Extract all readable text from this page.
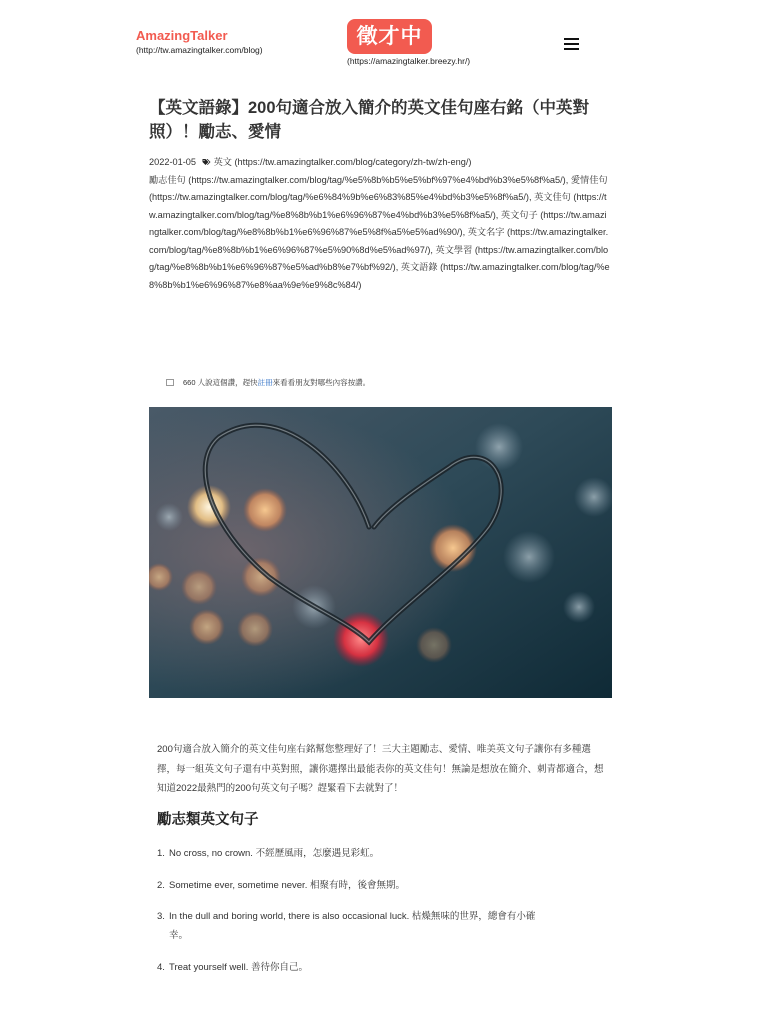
AmazingTalker
(http://tw.amazingtalker.com/blog)
徵才中
(https://amazingtalker.breezy.hr/)
【英文語錄】200句適合放入簡介的英文佳句座右銘（中英對照）！勵志、愛情
2022-01-05 英文 (https://tw.amazingtalker.com/blog/category/zh-tw/zh-eng/)
勵志佳句 (https://tw.amazingtalker.com/blog/tag/%e5%8b%b5%e5%bf%97%e4%bd%b3%e5%8f%a5/), 愛情佳句 (https://tw.amazingtalker.com/blog/tag/%e6%84%9b%e6%83%85%e4%bd%b3%e5%8f%a5/), 英文佳句 (https://tw.amazingtalker.com/blog/tag/%e8%8b%b1%e6%96%87%e4%bd%b3%e5%8f%a5/), 英文句子 (https://tw.amazingtalker.com/blog/tag/%e8%8b%b1%e6%96%87%e5%8f%a5%e5%ad%90/), 英文名字 (https://tw.amazingtalker.com/blog/tag/%e8%8b%b1%e6%96%87%e5%90%8d%e5%ad%97/), 英文學習 (https://tw.amazingtalker.com/blog/tag/%e8%8b%b1%e6%96%87%e5%ad%b8%e7%bf%92/), 英文語錄 (https://tw.amazingtalker.com/blog/tag/%e8%8b%b1%e6%96%87%e8%aa%9e%e9%8c%84/)
660 人說這個讚，趕快註冊來看看朋友對哪些內容按讚。

200句適合放入簡介的英文佳句座右銘幫您整理好了！三大主題勵志、愛情、唯美英文句子讓你有多種選擇，每一組英文句子還有中英對照，讓你選擇出最能表你的英文佳句！無論是想放在簡介、刺青都適合，想知道2022最熱門的200句英文句子嗎？趕緊看下去就對了！

勵志類英文句子

1. No cross, no crown. 不經歷風雨，怎麼遇見彩虹。

2. Sometime ever, sometime never. 相聚有時，後會無期。

3. In the dull and boring world, there is also occasional luck. 枯燥無味的世界，總會有小確
幸。

4. Treat yourself well. 善待你自己。
